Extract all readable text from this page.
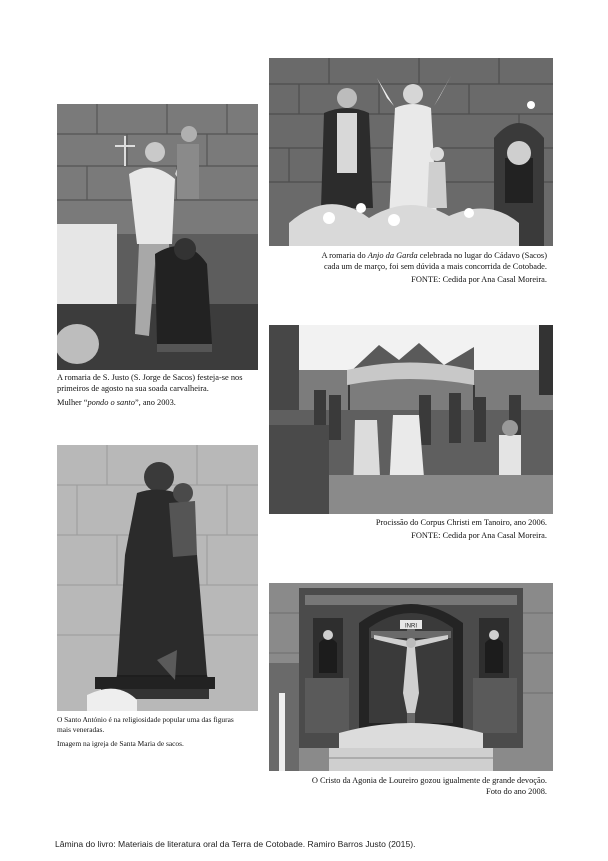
A romaria de S. Justo (S. Jorge de Sacos) festeja-se nos
primeiros de agosto na sua soada carvalheira.
Mulher “pondo o santo”, ano 2003.
A romaria do Anjo da Garda celebrada no lugar do Cádavo (Sacos)
cada um de março, foi sem dúvida a mais concorrida de Cotobade.
FONTE: Cedida por Ana Casal Moreira.
Procissão do Corpus Christi em Tanoiro, ano 2006.
FONTE: Cedida por Ana Casal Moreira.
O Santo António é na religiosidade popular uma das figuras
mais veneradas.
Imagem na igreja de Santa Maria de sacos.
INRI
O Cristo da Agonia de Loureiro gozou igualmente de grande devoção.
Foto do ano 2008.
Lâmina do livro: Materiais de literatura oral da Terra de Cotobade. Ramiro Barros Justo (2015).
